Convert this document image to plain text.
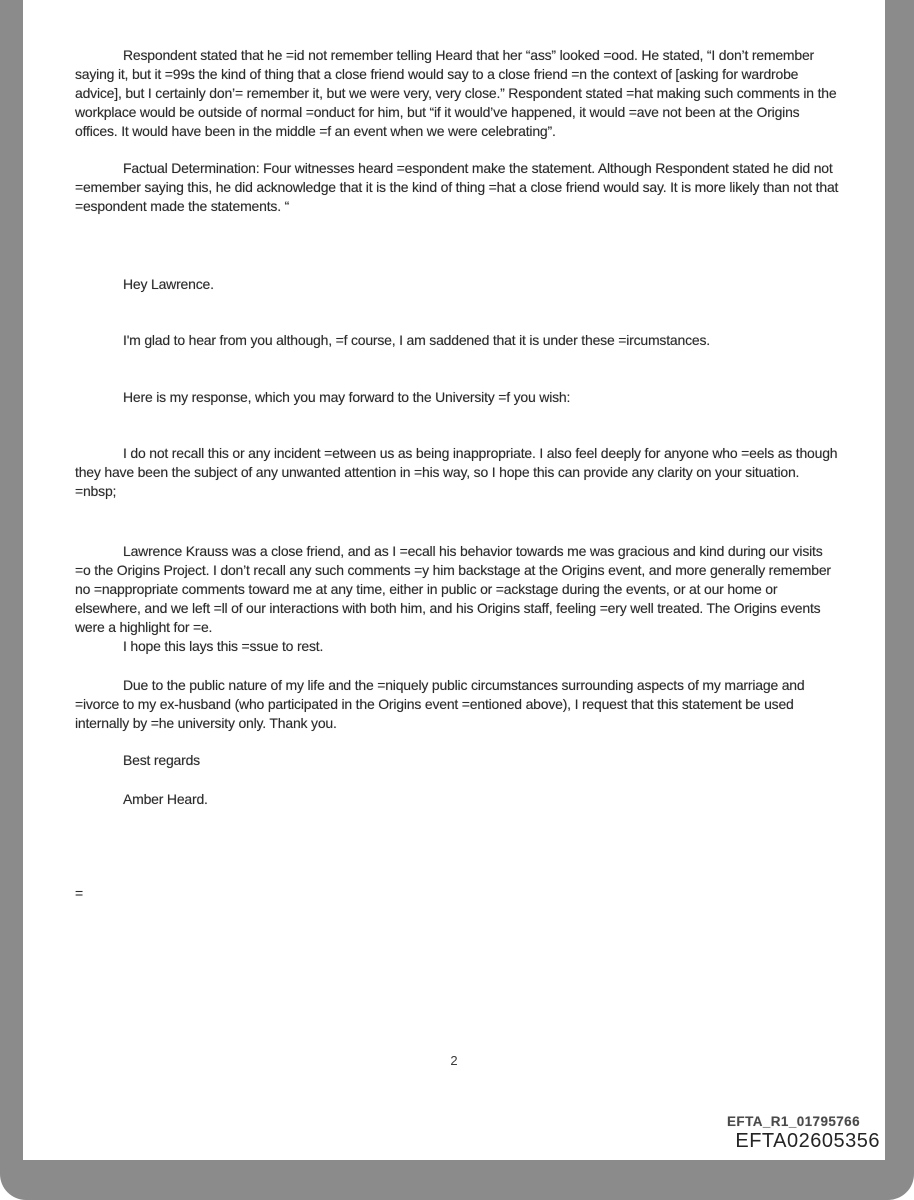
Respondent stated that he =id not remember telling Heard that her “ass” looked =ood. He stated, “I don’t remember saying it, but it =99s the kind of thing that a close friend would say to a close friend =n the context of [asking for wardrobe advice], but I certainly don’= remember it, but we were very, very close.” Respondent stated =hat making such comments in the workplace would be outside of normal =onduct for him, but “if it would’ve happened, it would =ave not been at the Origins offices. It would have been in the middle =f an event when we were celebrating”.

Factual Determination: Four witnesses heard =espondent make the statement. Although Respondent stated he did not =emember saying this, he did acknowledge that it is the kind of thing =hat a close friend would say. It is more likely than not that =espondent made the statements. “

Hey Lawrence.

I'm glad to hear from you although, =f course, I am saddened that it is under these =ircumstances.

Here is my response, which you may forward to the University =f you wish:

I do not recall this or any incident =etween us as being inappropriate. I also feel deeply for anyone who =eels as though they have been the subject of any unwanted attention in =his way, so I hope this can provide any clarity on your situation. =nbsp;

Lawrence Krauss was a close friend, and as I =ecall his behavior towards me was gracious and kind during our visits =o the Origins Project. I don’t recall any such comments =y him backstage at the Origins event, and more generally remember no =nappropriate comments toward me at any time, either in public or =ackstage during the events, or at our home or elsewhere, and we left =ll of our interactions with both him, and his Origins staff, feeling =ery well treated. The Origins events were a highlight for =e.

I hope this lays this =ssue to rest.

Due to the public nature of my life and the =niquely public circumstances surrounding aspects of my marriage and =ivorce to my ex-husband (who participated in the Origins event =entioned above), I request that this statement be used internally by =he university only. Thank you.

Best regards

Amber Heard.

=

2
EFTA_R1_01795766
EFTA02605356
